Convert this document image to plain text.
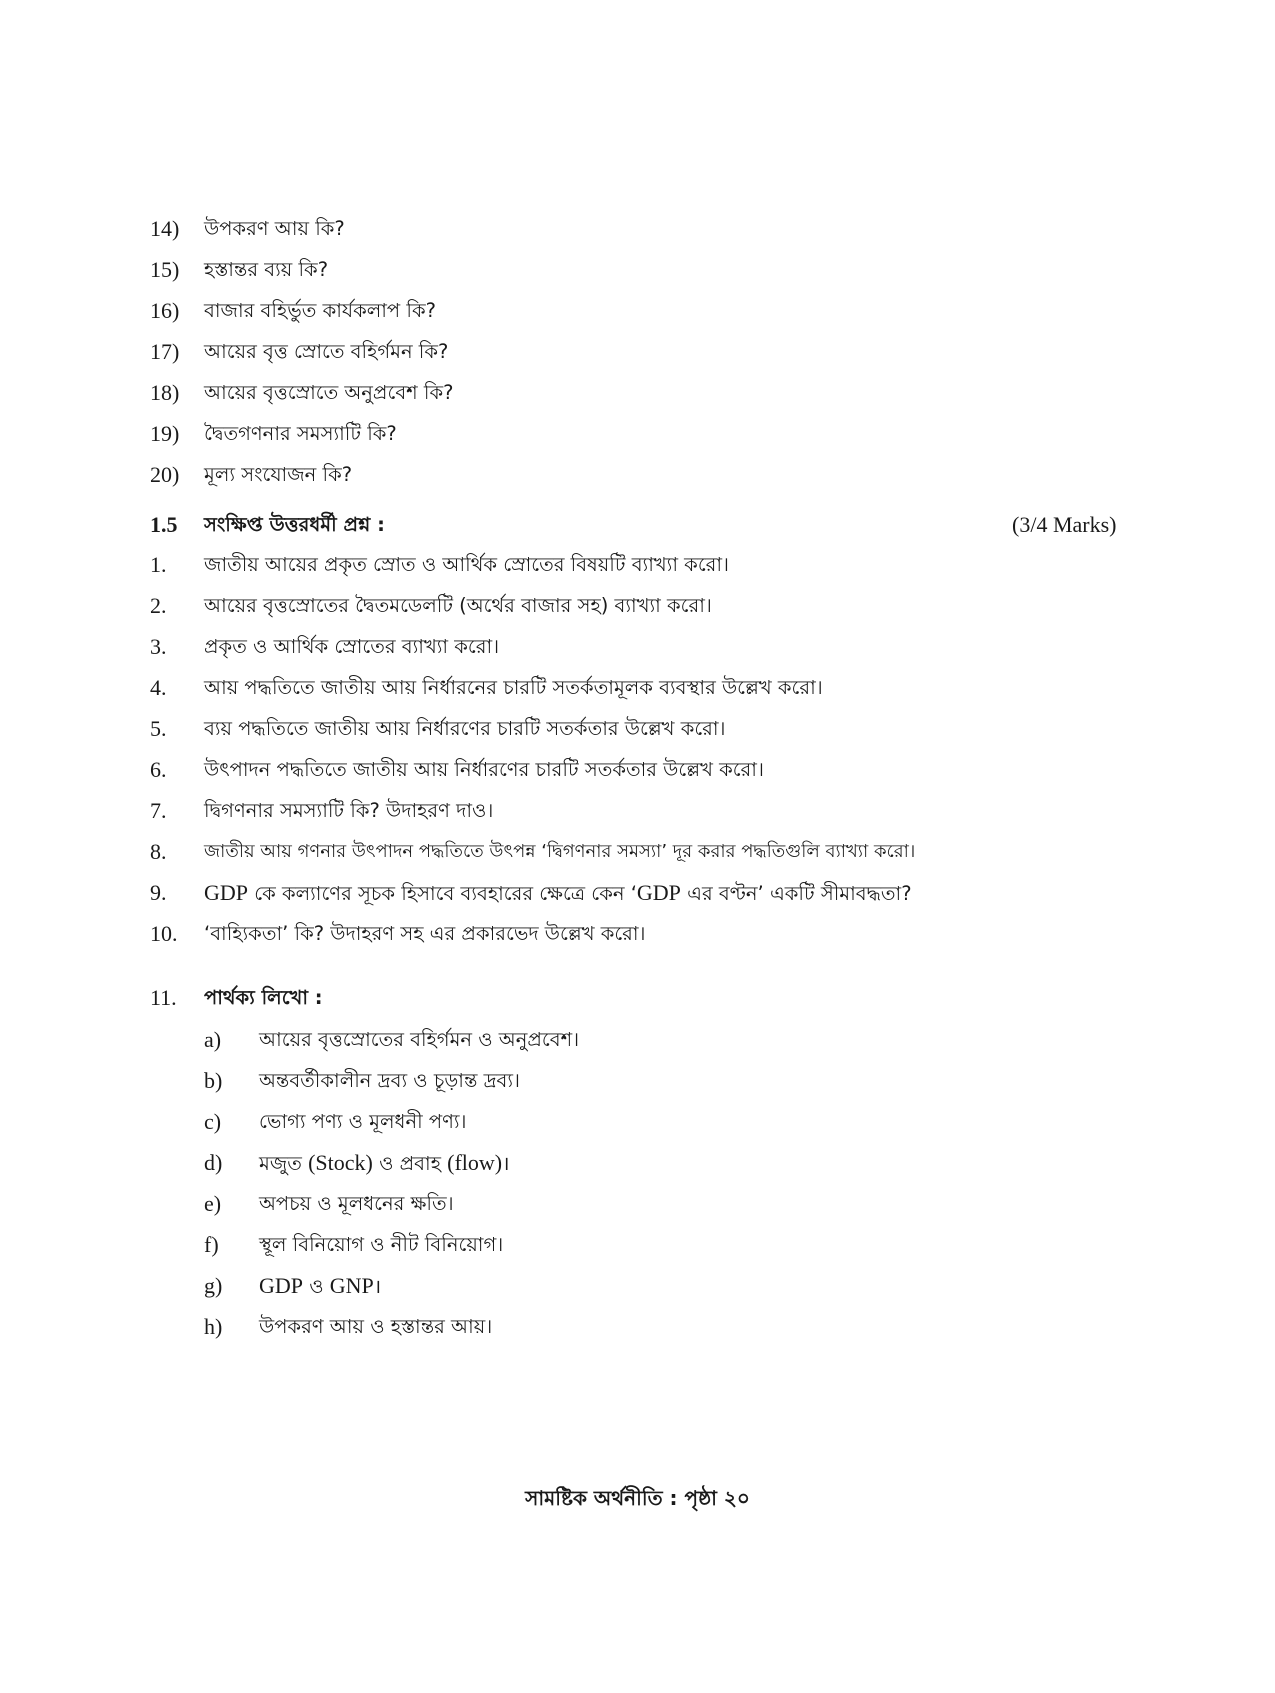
14) উপকরণ আয় কি?
15) হস্তান্তর ব্যয় কি?
16) বাজার বহির্ভুত কার্যকলাপ কি?
17) আয়ের বৃত্ত স্রোতে বহির্গমন কি?
18) আয়ের বৃত্তস্রোতে অনুপ্রবেশ কি?
19) দ্বৈতগণনার সমস্যাটি কি?
20) মূল্য সংযোজন কি?
1.5 সংক্ষিপ্ত উত্তরধর্মী প্রশ্ন :	(3/4 Marks)
1. জাতীয় আয়ের প্রকৃত স্রোত ও আর্থিক স্রোতের বিষয়টি ব্যাখ্যা করো।
2. আয়ের বৃত্তস্রোতের দ্বৈতমডেলটি (অর্থের বাজার সহ) ব্যাখ্যা করো।
3. প্রকৃত ও আর্থিক স্রোতের ব্যাখ্যা করো।
4. আয় পদ্ধতিতে জাতীয় আয় নির্ধারনের চারটি সতর্কতামূলক ব্যবস্থার উল্লেখ করো।
5. ব্যয় পদ্ধতিতে জাতীয় আয় নির্ধারণের চারটি সতর্কতার উল্লেখ করো।
6. উৎপাদন পদ্ধতিতে জাতীয় আয় নির্ধারণের চারটি সতর্কতার উল্লেখ করো।
7. দ্বিগণনার সমস্যাটি কি? উদাহরণ দাও।
8. জাতীয় আয় গণনার উৎপাদন পদ্ধতিতে উৎপন্ন ‘দ্বিগণনার সমস্যা’ দূর করার পদ্ধতিগুলি ব্যাখ্যা করো।
9. GDP কে কল্যাণের সূচক হিসাবে ব্যবহারের ক্ষেত্রে কেন ‘GDP এর বণ্টন’ একটি সীমাবদ্ধতা?
10. ‘বাহ্যিকতা’ কি? উদাহরণ সহ এর প্রকারভেদ উল্লেখ করো।
11. পার্থক্য লিখো :
a) আয়ের বৃত্তস্রোতের বহির্গমন ও অনুপ্রবেশ।
b) অন্তবর্তীকালীন দ্রব্য ও চূড়ান্ত দ্রব্য।
c) ভোগ্য পণ্য ও মূলধনী পণ্য।
d) মজুত (Stock) ও প্রবাহ (flow)।
e) অপচয় ও মূলধনের ক্ষতি।
f) স্থূল বিনিয়োগ ও নীট বিনিয়োগ।
g) GDP ও GNP।
h) উপকরণ আয় ও হস্তান্তর আয়।
সামষ্টিক অর্থনীতি : পৃষ্ঠা ২০
